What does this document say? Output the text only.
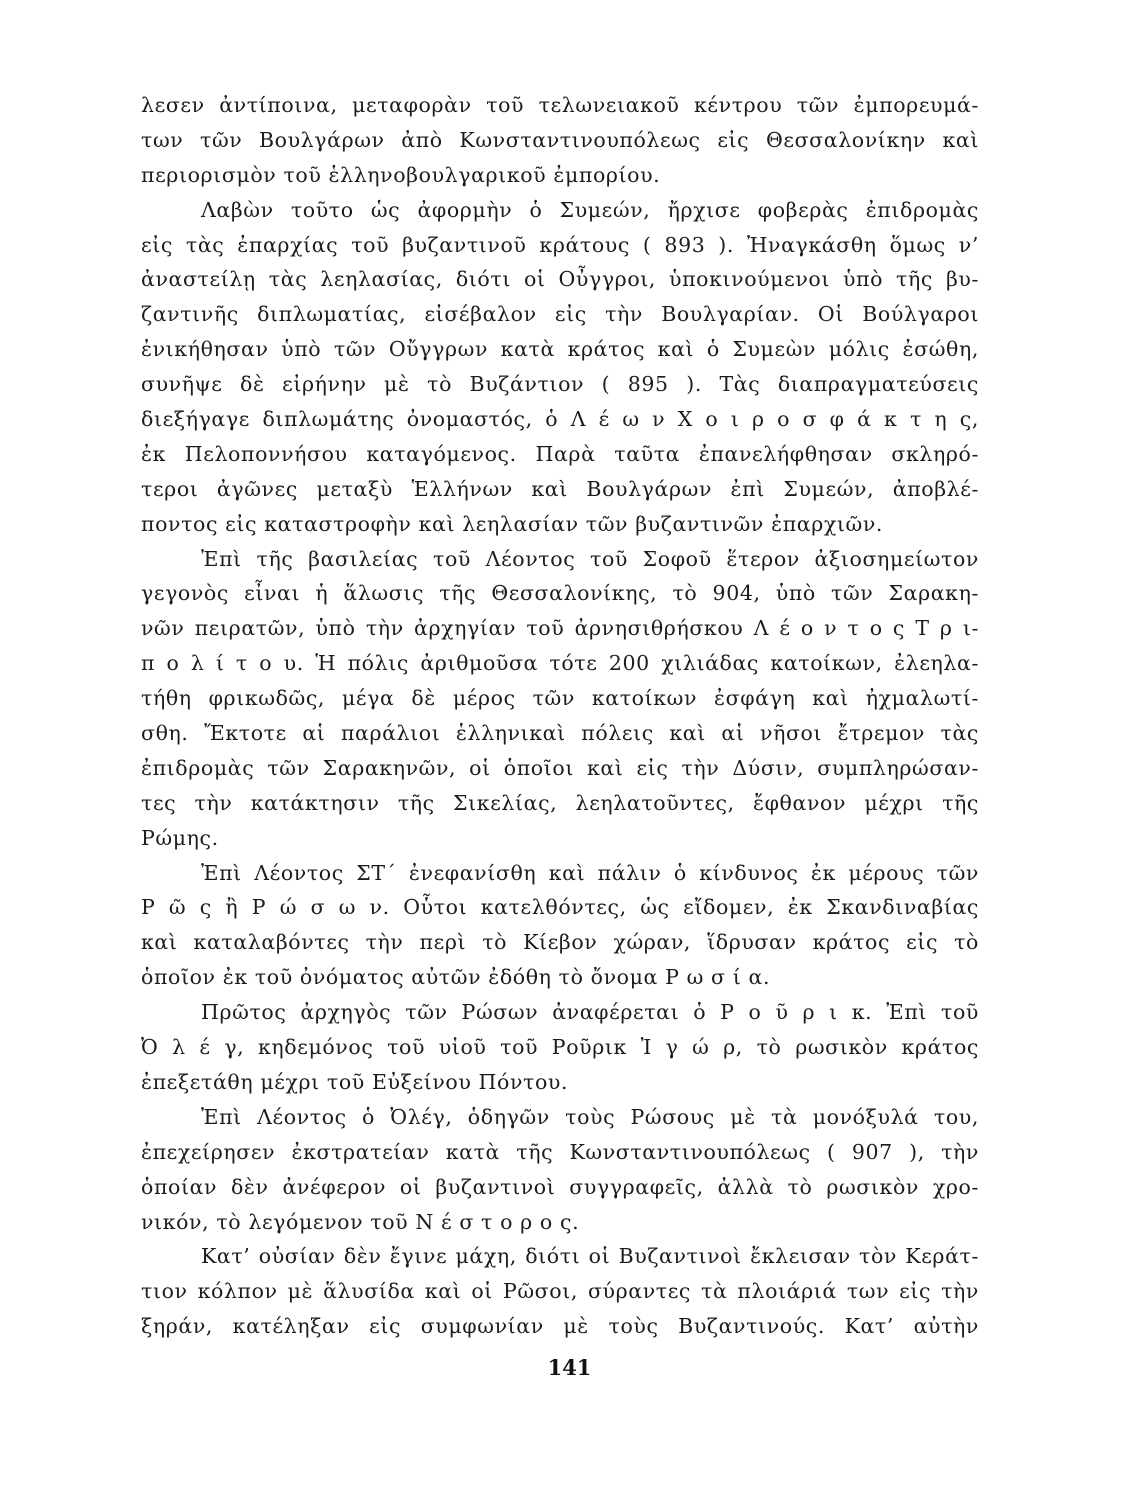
λεσεν ἀντίποινα, μεταφορὰν τοῦ τελωνειακοῦ κέντρου τῶν ἐμπορευμά-
των τῶν Βουλγάρων ἀπὸ Κωνσταντινουπόλεως εἰς Θεσσαλονίκην καὶ
περιορισμὸν τοῦ ἑλληνοβουλγαρικοῦ ἐμπορίου.
Λαβὼν τοῦτο ὡς ἀφορμὴν ὁ Συμεών, ἤρχισε φοβερὰς ἐπιδρομὰς
εἰς τὰς ἐπαρχίας τοῦ βυζαντινοῦ κράτους ( 893 ). Ἠναγκάσθη ὅμως ν’
ἀναστείλῃ τὰς λεηλασίας, διότι οἱ Οὖγγροι, ὑποκινούμενοι ὑπὸ τῆς βυ-
ζαντινῆς διπλωματίας, εἰσέβαλον εἰς τὴν Βουλγαρίαν. Οἱ Βούλγαροι
ἐνικήθησαν ὑπὸ τῶν Οὔγγρων κατὰ κράτος καὶ ὁ Συμεὼν μόλις ἐσώθη,
συνῆψε δὲ εἰρήνην μὲ τὸ Βυζάντιον ( 895 ). Τὰς διαπραγματεύσεις
διεξήγαγε διπλωμάτης ὀνομαστός, ὁ Λ έ ω ν Χ ο ι ρ ο σ φ ά κ τ η ς,
ἐκ Πελοποννήσου καταγόμενος. Παρὰ ταῦτα ἐπανελήφθησαν σκληρό-
τεροι ἀγῶνες μεταξὺ Ἑλλήνων καὶ Βουλγάρων ἐπὶ Συμεών, ἀποβλέ-
ποντος εἰς καταστροφὴν καὶ λεηλασίαν τῶν βυζαντινῶν ἐπαρχιῶν.
Ἐπὶ τῆς βασιλείας τοῦ Λέοντος τοῦ Σοφοῦ ἕτερον ἀξιοσημείωτον
γεγονὸς εἶναι ἡ ἅλωσις τῆς Θεσσαλονίκης, τὸ 904, ὑπὸ τῶν Σαρακη-
νῶν πειρατῶν, ὑπὸ τὴν ἀρχηγίαν τοῦ ἀρνησιθρήσκου Λ έ ο ν τ ο ς Τ ρ ι-
π ο λ ί τ ο υ. Ἡ πόλις ἀριθμοῦσα τότε 200 χιλιάδας κατοίκων, ἐλεηλα-
τήθη φρικωδῶς, μέγα δὲ μέρος τῶν κατοίκων ἐσφάγη καὶ ἠχμαλωτί-
σθη. Ἔκτοτε αἱ παράλιοι ἑλληνικαὶ πόλεις καὶ αἱ νῆσοι ἔτρεμον τὰς
ἐπιδρομὰς τῶν Σαρακηνῶν, οἱ ὁποῖοι καὶ εἰς τὴν Δύσιν, συμπληρώσαν-
τες τὴν κατάκτησιν τῆς Σικελίας, λεηλατοῦντες, ἔφθανον μέχρι τῆς
Ρώμης.
Ἐπὶ Λέοντος ΣΤ΄ ἐνεφανίσθη καὶ πάλιν ὁ κίνδυνος ἐκ μέρους τῶν
Ρ ῶ ς ἢ Ρ ώ σ ω ν. Οὗτοι κατελθόντες, ὡς εἴδομεν, ἐκ Σκανδιναβίας
καὶ καταλαβόντες τὴν περὶ τὸ Κίεβον χώραν, ἵδρυσαν κράτος εἰς τὸ
ὁποῖον ἐκ τοῦ ὀνόματος αὐτῶν ἐδόθη τὸ ὄνομα Ρ ω σ ί α.
Πρῶτος ἀρχηγὸς τῶν Ρώσων ἀναφέρεται ὁ Ρ ο ῦ ρ ι κ. Ἐπὶ τοῦ
Ὀ λ έ γ, κηδεμόνος τοῦ υἱοῦ τοῦ Ροῦρικ Ἰ γ ώ ρ, τὸ ρωσικὸν κράτος
ἐπεξετάθη μέχρι τοῦ Εὐξείνου Πόντου.
Ἐπὶ Λέοντος ὁ Ὀλέγ, ὁδηγῶν τοὺς Ρώσους μὲ τὰ μονόξυλά του,
ἐπεχείρησεν ἐκστρατείαν κατὰ τῆς Κωνσταντινουπόλεως ( 907 ), τὴν
ὁποίαν δὲν ἀνέφερον οἱ βυζαντινοὶ συγγραφεῖς, ἀλλὰ τὸ ρωσικὸν χρο-
νικόν, τὸ λεγόμενον τοῦ Ν έ σ τ ο ρ ο ς.
Κατ’ οὐσίαν δὲν ἔγινε μάχη, διότι οἱ Βυζαντινοὶ ἔκλεισαν τὸν Κεράτ-
τιον κόλπον μὲ ἅλυσίδα καὶ οἱ Ρῶσοι, σύραντες τὰ πλοιάριά των εἰς τὴν
ξηράν, κατέληξαν εἰς συμφωνίαν μὲ τοὺς Βυζαντινούς. Κατ’ αὐτὴν
141
